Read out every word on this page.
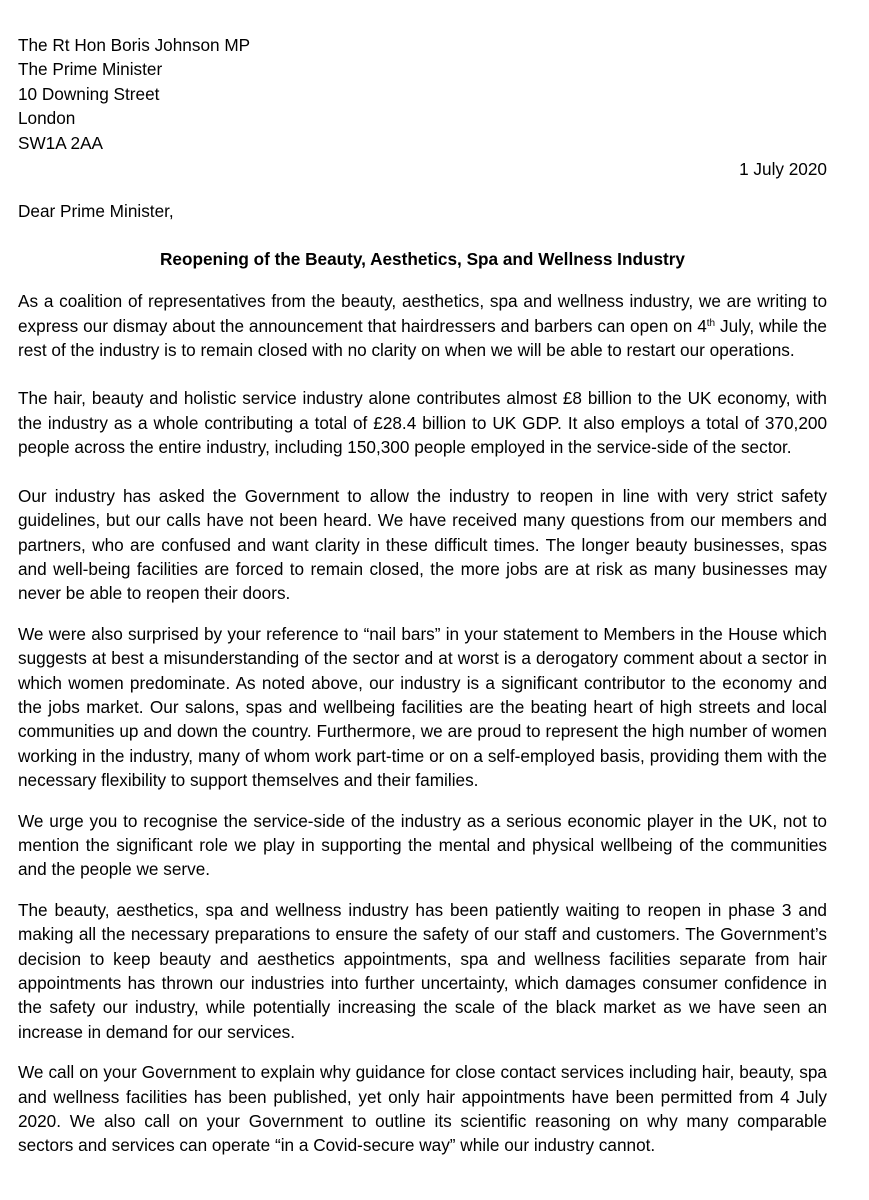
The Rt Hon Boris Johnson MP
The Prime Minister
10 Downing Street
London
SW1A 2AA
1 July 2020
Dear Prime Minister,
Reopening of the Beauty, Aesthetics, Spa and Wellness Industry

As a coalition of representatives from the beauty, aesthetics, spa and wellness industry, we are writing to express our dismay about the announcement that hairdressers and barbers can open on 4th July, while the rest of the industry is to remain closed with no clarity on when we will be able to restart our operations.

The hair, beauty and holistic service industry alone contributes almost £8 billion to the UK economy, with the industry as a whole contributing a total of £28.4 billion to UK GDP. It also employs a total of 370,200 people across the entire industry, including 150,300 people employed in the service-side of the sector.

Our industry has asked the Government to allow the industry to reopen in line with very strict safety guidelines, but our calls have not been heard. We have received many questions from our members and partners, who are confused and want clarity in these difficult times. The longer beauty businesses, spas and well-being facilities are forced to remain closed, the more jobs are at risk as many businesses may never be able to reopen their doors.

We were also surprised by your reference to “nail bars” in your statement to Members in the House which suggests at best a misunderstanding of the sector and at worst is a derogatory comment about a sector in which women predominate. As noted above, our industry is a significant contributor to the economy and the jobs market. Our salons, spas and wellbeing facilities are the beating heart of high streets and local communities up and down the country. Furthermore, we are proud to represent the high number of women working in the industry, many of whom work part-time or on a self-employed basis, providing them with the necessary flexibility to support themselves and their families.

We urge you to recognise the service-side of the industry as a serious economic player in the UK, not to mention the significant role we play in supporting the mental and physical wellbeing of the communities and the people we serve.

The beauty, aesthetics, spa and wellness industry has been patiently waiting to reopen in phase 3 and making all the necessary preparations to ensure the safety of our staff and customers. The Government’s decision to keep beauty and aesthetics appointments, spa and wellness facilities separate from hair appointments has thrown our industries into further uncertainty, which damages consumer confidence in the safety our industry, while potentially increasing the scale of the black market as we have seen an increase in demand for our services.

We call on your Government to explain why guidance for close contact services including hair, beauty, spa and wellness facilities has been published, yet only hair appointments have been permitted from 4 July 2020. We also call on your Government to outline its scientific reasoning on why many comparable sectors and services can operate “in a Covid-secure way” while our industry cannot.
